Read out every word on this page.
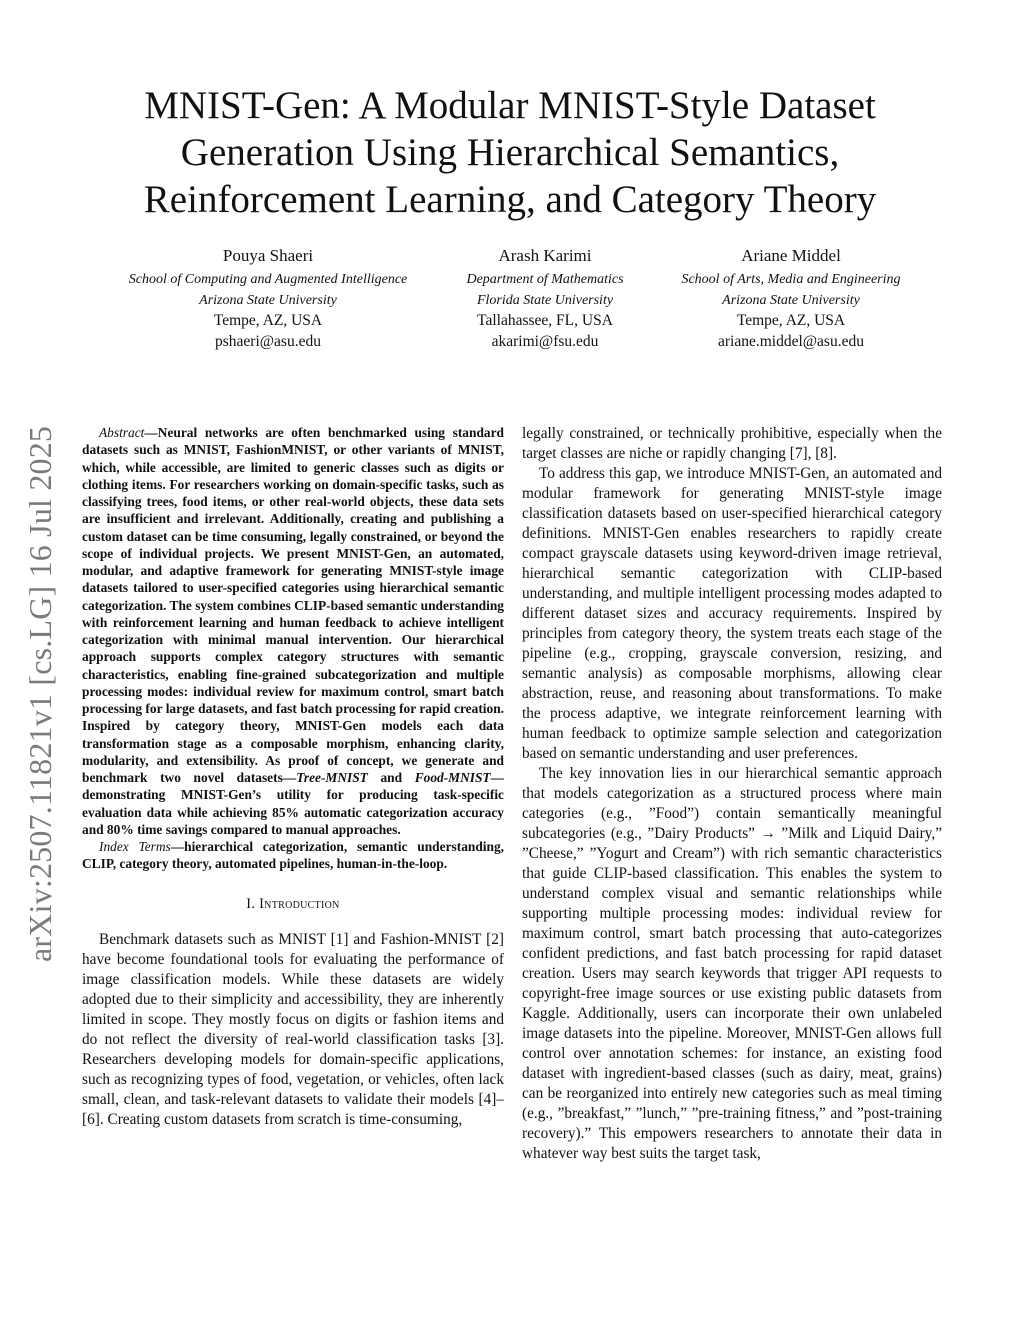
arXiv:2507.11821v1 [cs.LG] 16 Jul 2025
MNIST-Gen: A Modular MNIST-Style Dataset Generation Using Hierarchical Semantics, Reinforcement Learning, and Category Theory
Pouya Shaeri
School of Computing and Augmented Intelligence
Arizona State University
Tempe, AZ, USA
pshaeri@asu.edu
Arash Karimi
Department of Mathematics
Florida State University
Tallahassee, FL, USA
akarimi@fsu.edu
Ariane Middel
School of Arts, Media and Engineering
Arizona State University
Tempe, AZ, USA
ariane.middel@asu.edu

Abstract—Neural networks are often benchmarked using standard datasets such as MNIST, FashionMNIST, or other variants of MNIST, which, while accessible, are limited to generic classes such as digits or clothing items. For researchers working on domain-specific tasks, such as classifying trees, food items, or other real-world objects, these data sets are insufficient and irrelevant. Additionally, creating and publishing a custom dataset can be time consuming, legally constrained, or beyond the scope of individual projects. We present MNIST-Gen, an automated, modular, and adaptive framework for generating MNIST-style image datasets tailored to user-specified categories using hierarchical semantic categorization. The system combines CLIP-based semantic understanding with reinforcement learning and human feedback to achieve intelligent categorization with minimal manual intervention. Our hierarchical approach supports complex category structures with semantic characteristics, enabling fine-grained subcategorization and multiple processing modes: individual review for maximum control, smart batch processing for large datasets, and fast batch processing for rapid creation. Inspired by category theory, MNIST-Gen models each data transformation stage as a composable morphism, enhancing clarity, modularity, and extensibility. As proof of concept, we generate and benchmark two novel datasets—Tree-MNIST and Food-MNIST—demonstrating MNIST-Gen’s utility for producing task-specific evaluation data while achieving 85% automatic categorization accuracy and 80% time savings compared to manual approaches.

Index Terms—hierarchical categorization, semantic understanding, CLIP, category theory, automated pipelines, human-in-the-loop.

I. Introduction

Benchmark datasets such as MNIST [1] and Fashion-MNIST [2] have become foundational tools for evaluating the performance of image classification models. While these datasets are widely adopted due to their simplicity and accessibility, they are inherently limited in scope. They mostly focus on digits or fashion items and do not reflect the diversity of real-world classification tasks [3]. Researchers developing models for domain-specific applications, such as recognizing types of food, vegetation, or vehicles, often lack small, clean, and task-relevant datasets to validate their models [4]–[6]. Creating custom datasets from scratch is time-consuming,

legally constrained, or technically prohibitive, especially when the target classes are niche or rapidly changing [7], [8].

To address this gap, we introduce MNIST-Gen, an automated and modular framework for generating MNIST-style image classification datasets based on user-specified hierarchical category definitions. MNIST-Gen enables researchers to rapidly create compact grayscale datasets using keyword-driven image retrieval, hierarchical semantic categorization with CLIP-based understanding, and multiple intelligent processing modes adapted to different dataset sizes and accuracy requirements. Inspired by principles from category theory, the system treats each stage of the pipeline (e.g., cropping, grayscale conversion, resizing, and semantic analysis) as composable morphisms, allowing clear abstraction, reuse, and reasoning about transformations. To make the process adaptive, we integrate reinforcement learning with human feedback to optimize sample selection and categorization based on semantic understanding and user preferences.

The key innovation lies in our hierarchical semantic approach that models categorization as a structured process where main categories (e.g., ”Food”) contain semantically meaningful subcategories (e.g., ”Dairy Products” → ”Milk and Liquid Dairy,” ”Cheese,” ”Yogurt and Cream”) with rich semantic characteristics that guide CLIP-based classification. This enables the system to understand complex visual and semantic relationships while supporting multiple processing modes: individual review for maximum control, smart batch processing that auto-categorizes confident predictions, and fast batch processing for rapid dataset creation. Users may search keywords that trigger API requests to copyright-free image sources or use existing public datasets from Kaggle. Additionally, users can incorporate their own unlabeled image datasets into the pipeline. Moreover, MNIST-Gen allows full control over annotation schemes: for instance, an existing food dataset with ingredient-based classes (such as dairy, meat, grains) can be reorganized into entirely new categories such as meal timing (e.g., ”breakfast,” ”lunch,” ”pre-training fitness,” and ”post-training recovery).” This empowers researchers to annotate their data in whatever way best suits the target task,
